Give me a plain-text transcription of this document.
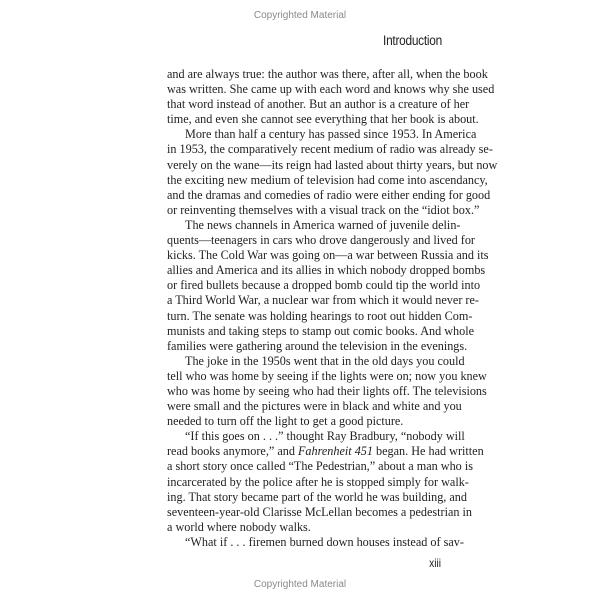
Copyrighted Material
Introduction

and are always true: the author was there, after all, when the book
was written. She came up with each word and knows why she used
that word instead of another. But an author is a creature of her
time, and even she cannot see everything that her book is about.

More than half a century has passed since 1953. In America
in 1953, the comparatively recent medium of radio was already se-
verely on the wane—its reign had lasted about thirty years, but now
the exciting new medium of television had come into ascendancy,
and the dramas and comedies of radio were either ending for good
or reinventing themselves with a visual track on the “idiot box.”

The news channels in America warned of juvenile delin-
quents—teenagers in cars who drove dangerously and lived for
kicks. The Cold War was going on—a war between Russia and its
allies and America and its allies in which nobody dropped bombs
or fired bullets because a dropped bomb could tip the world into
a Third World War, a nuclear war from which it would never re-
turn. The senate was holding hearings to root out hidden Com-
munists and taking steps to stamp out comic books. And whole
families were gathering around the television in the evenings.

The joke in the 1950s went that in the old days you could
tell who was home by seeing if the lights were on; now you knew
who was home by seeing who had their lights off. The televisions
were small and the pictures were in black and white and you
needed to turn off the light to get a good picture.

“If this goes on . . .” thought Ray Bradbury, “nobody will
read books anymore,” and Fahrenheit 451 began. He had written
a short story once called “The Pedestrian,” about a man who is
incarcerated by the police after he is stopped simply for walk-
ing. That story became part of the world he was building, and
seventeen-year-old Clarisse McLellan becomes a pedestrian in
a world where nobody walks.

“What if . . . firemen burned down houses instead of sav-

xiii
Copyrighted Material
